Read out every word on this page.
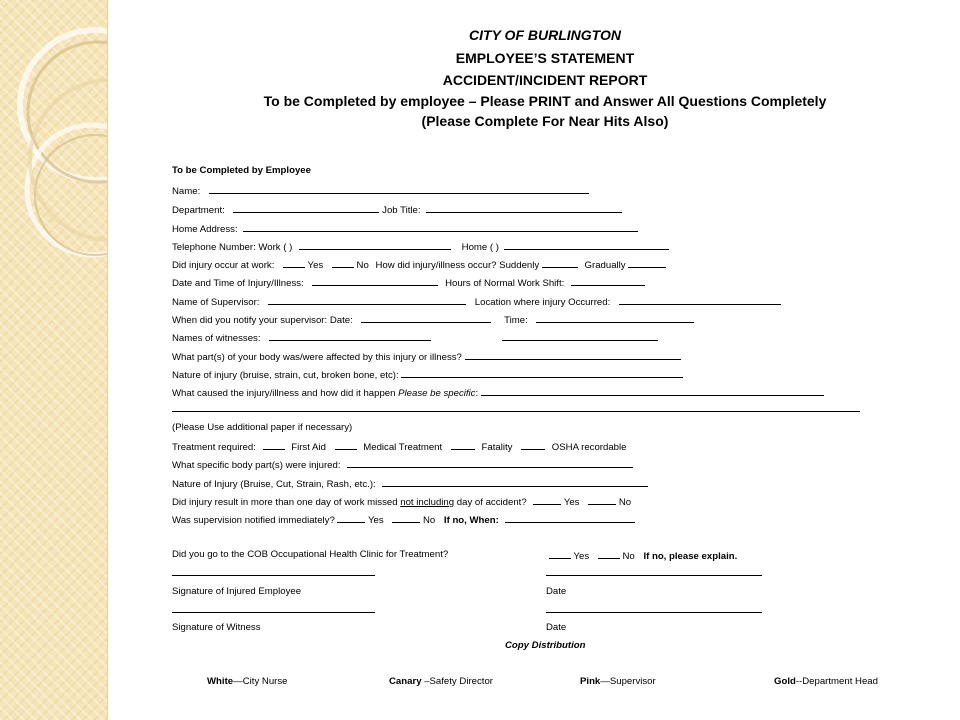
CITY OF BURLINGTON
EMPLOYEE’S STATEMENT
ACCIDENT/INCIDENT REPORT
To be Completed by employee – Please PRINT and Answer All Questions Completely
(Please Complete For Near Hits Also)
To be Completed by Employee
Name:
Department:	Job Title:
Home Address:
Telephone Number: Work ( )	Home ( )
Did injury occur at work:	Yes	No How did injury/illness occur? Suddenly	Gradually
Date and Time of Injury/Illness:	Hours of Normal Work Shift:
Name of Supervisor:	Location where injury Occurred:
When did you notify your supervisor: Date:	Time:
Names of witnesses:
What part(s) of your body was/were affected by this injury or illness?
Nature of injury (bruise, strain, cut, broken bone, etc):
What caused the injury/illness and how did it happen Please be specific:
(Please Use additional paper if necessary)
Treatment required:	First Aid	Medical Treatment	Fatality	OSHA recordable
What specific body part(s) were injured:
Nature of Injury (Bruise, Cut, Strain, Rash, etc.):
Did injury result in more than one day of work missed not including day of accident?	Yes	No
Was supervision notified immediately?	Yes	No If no, When:
Did you go to the COB Occupational Health Clinic for Treatment?	Yes	No If no, please explain.
Signature of Injured Employee	Date
Signature of Witness	Date
Copy Distribution
White—City Nurse	Canary –Safety Director	Pink—Supervisor	Gold--Department Head
